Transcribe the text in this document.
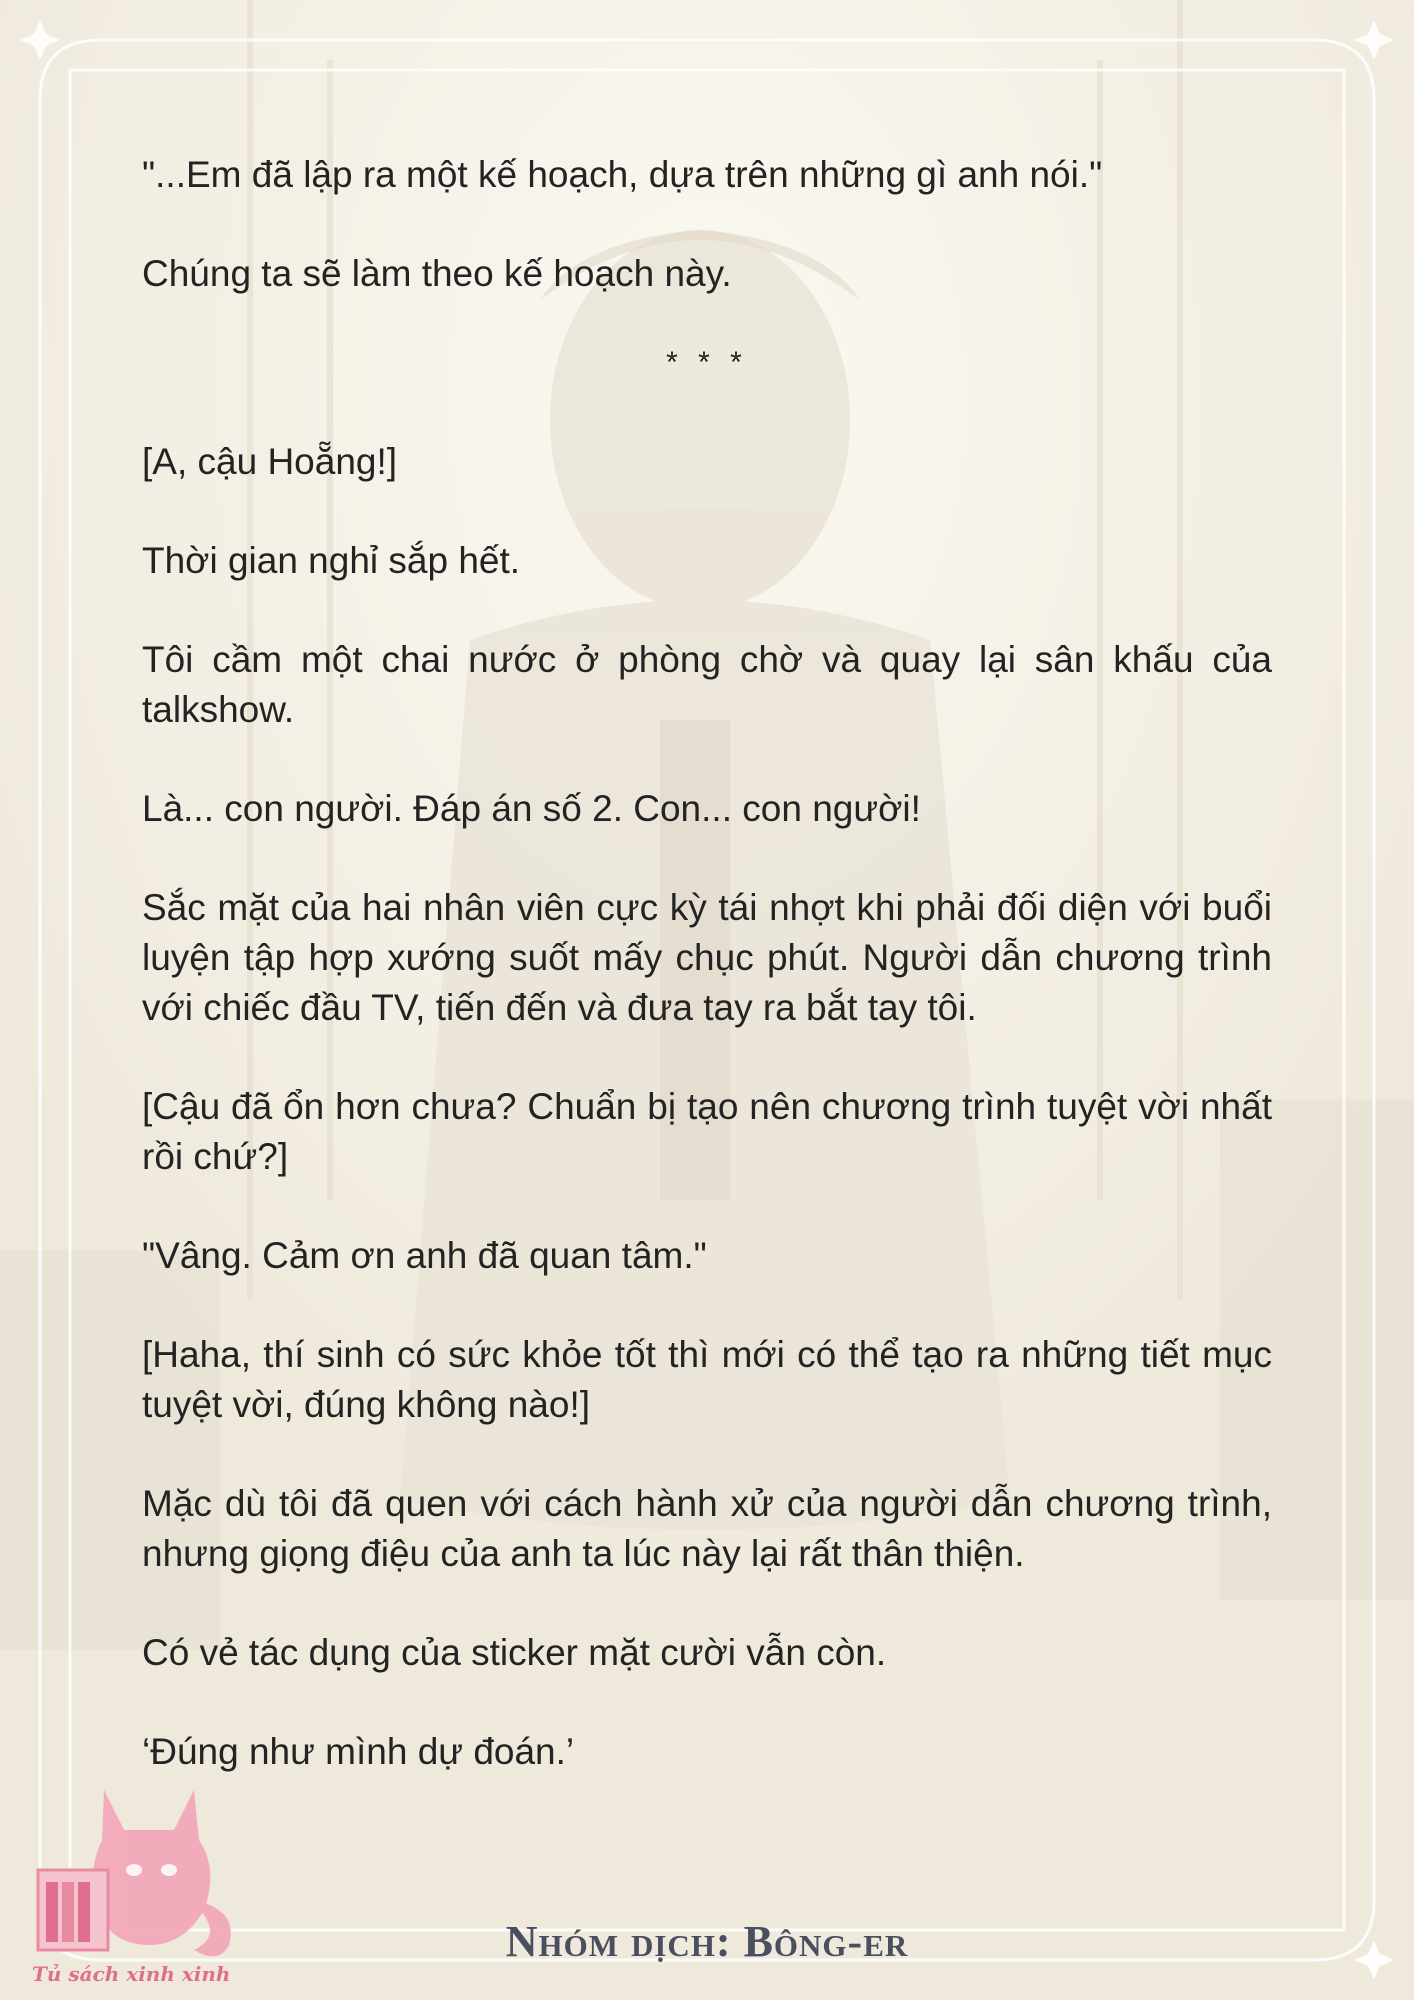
"...Em đã lập ra một kế hoạch, dựa trên những gì anh nói."

Chúng ta sẽ làm theo kế hoạch này.

* * *

[A, cậu Hoẵng!]

Thời gian nghỉ sắp hết.

Tôi cầm một chai nước ở phòng chờ và quay lại sân khấu của talkshow.

Là... con người. Đáp án số 2. Con... con người!

Sắc mặt của hai nhân viên cực kỳ tái nhợt khi phải đối diện với buổi luyện tập hợp xướng suốt mấy chục phút. Người dẫn chương trình với chiếc đầu TV, tiến đến và đưa tay ra bắt tay tôi.

[Cậu đã ổn hơn chưa? Chuẩn bị tạo nên chương trình tuyệt vời nhất rồi chứ?]

"Vâng. Cảm ơn anh đã quan tâm."

[Haha, thí sinh có sức khỏe tốt thì mới có thể tạo ra những tiết mục tuyệt vời, đúng không nào!]

Mặc dù tôi đã quen với cách hành xử của người dẫn chương trình, nhưng giọng điệu của anh ta lúc này lại rất thân thiện.

Có vẻ tác dụng của sticker mặt cười vẫn còn.

‘Đúng như mình dự đoán.’

Nhóm dịch: Bông-er
Tủ sách xinh xinh
